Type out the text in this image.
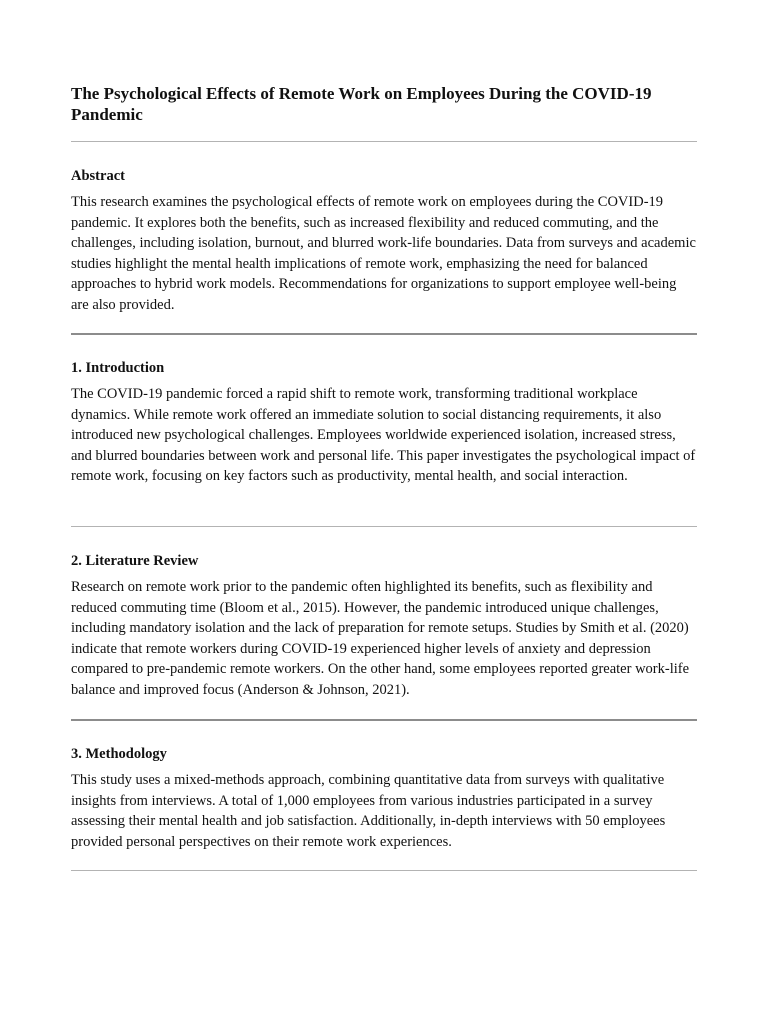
The Psychological Effects of Remote Work on Employees During the COVID-19 Pandemic
Abstract

This research examines the psychological effects of remote work on employees during the COVID-19 pandemic. It explores both the benefits, such as increased flexibility and reduced commuting, and the challenges, including isolation, burnout, and blurred work-life boundaries. Data from surveys and academic studies highlight the mental health implications of remote work, emphasizing the need for balanced approaches to hybrid work models. Recommendations for organizations to support employee well-being are also provided.

1. Introduction

The COVID-19 pandemic forced a rapid shift to remote work, transforming traditional workplace dynamics. While remote work offered an immediate solution to social distancing requirements, it also introduced new psychological challenges. Employees worldwide experienced isolation, increased stress, and blurred boundaries between work and personal life. This paper investigates the psychological impact of remote work, focusing on key factors such as productivity, mental health, and social interaction.

2. Literature Review

Research on remote work prior to the pandemic often highlighted its benefits, such as flexibility and reduced commuting time (Bloom et al., 2015). However, the pandemic introduced unique challenges, including mandatory isolation and the lack of preparation for remote setups. Studies by Smith et al. (2020) indicate that remote workers during COVID-19 experienced higher levels of anxiety and depression compared to pre-pandemic remote workers. On the other hand, some employees reported greater work-life balance and improved focus (Anderson & Johnson, 2021).

3. Methodology

This study uses a mixed-methods approach, combining quantitative data from surveys with qualitative insights from interviews. A total of 1,000 employees from various industries participated in a survey assessing their mental health and job satisfaction. Additionally, in-depth interviews with 50 employees provided personal perspectives on their remote work experiences.
